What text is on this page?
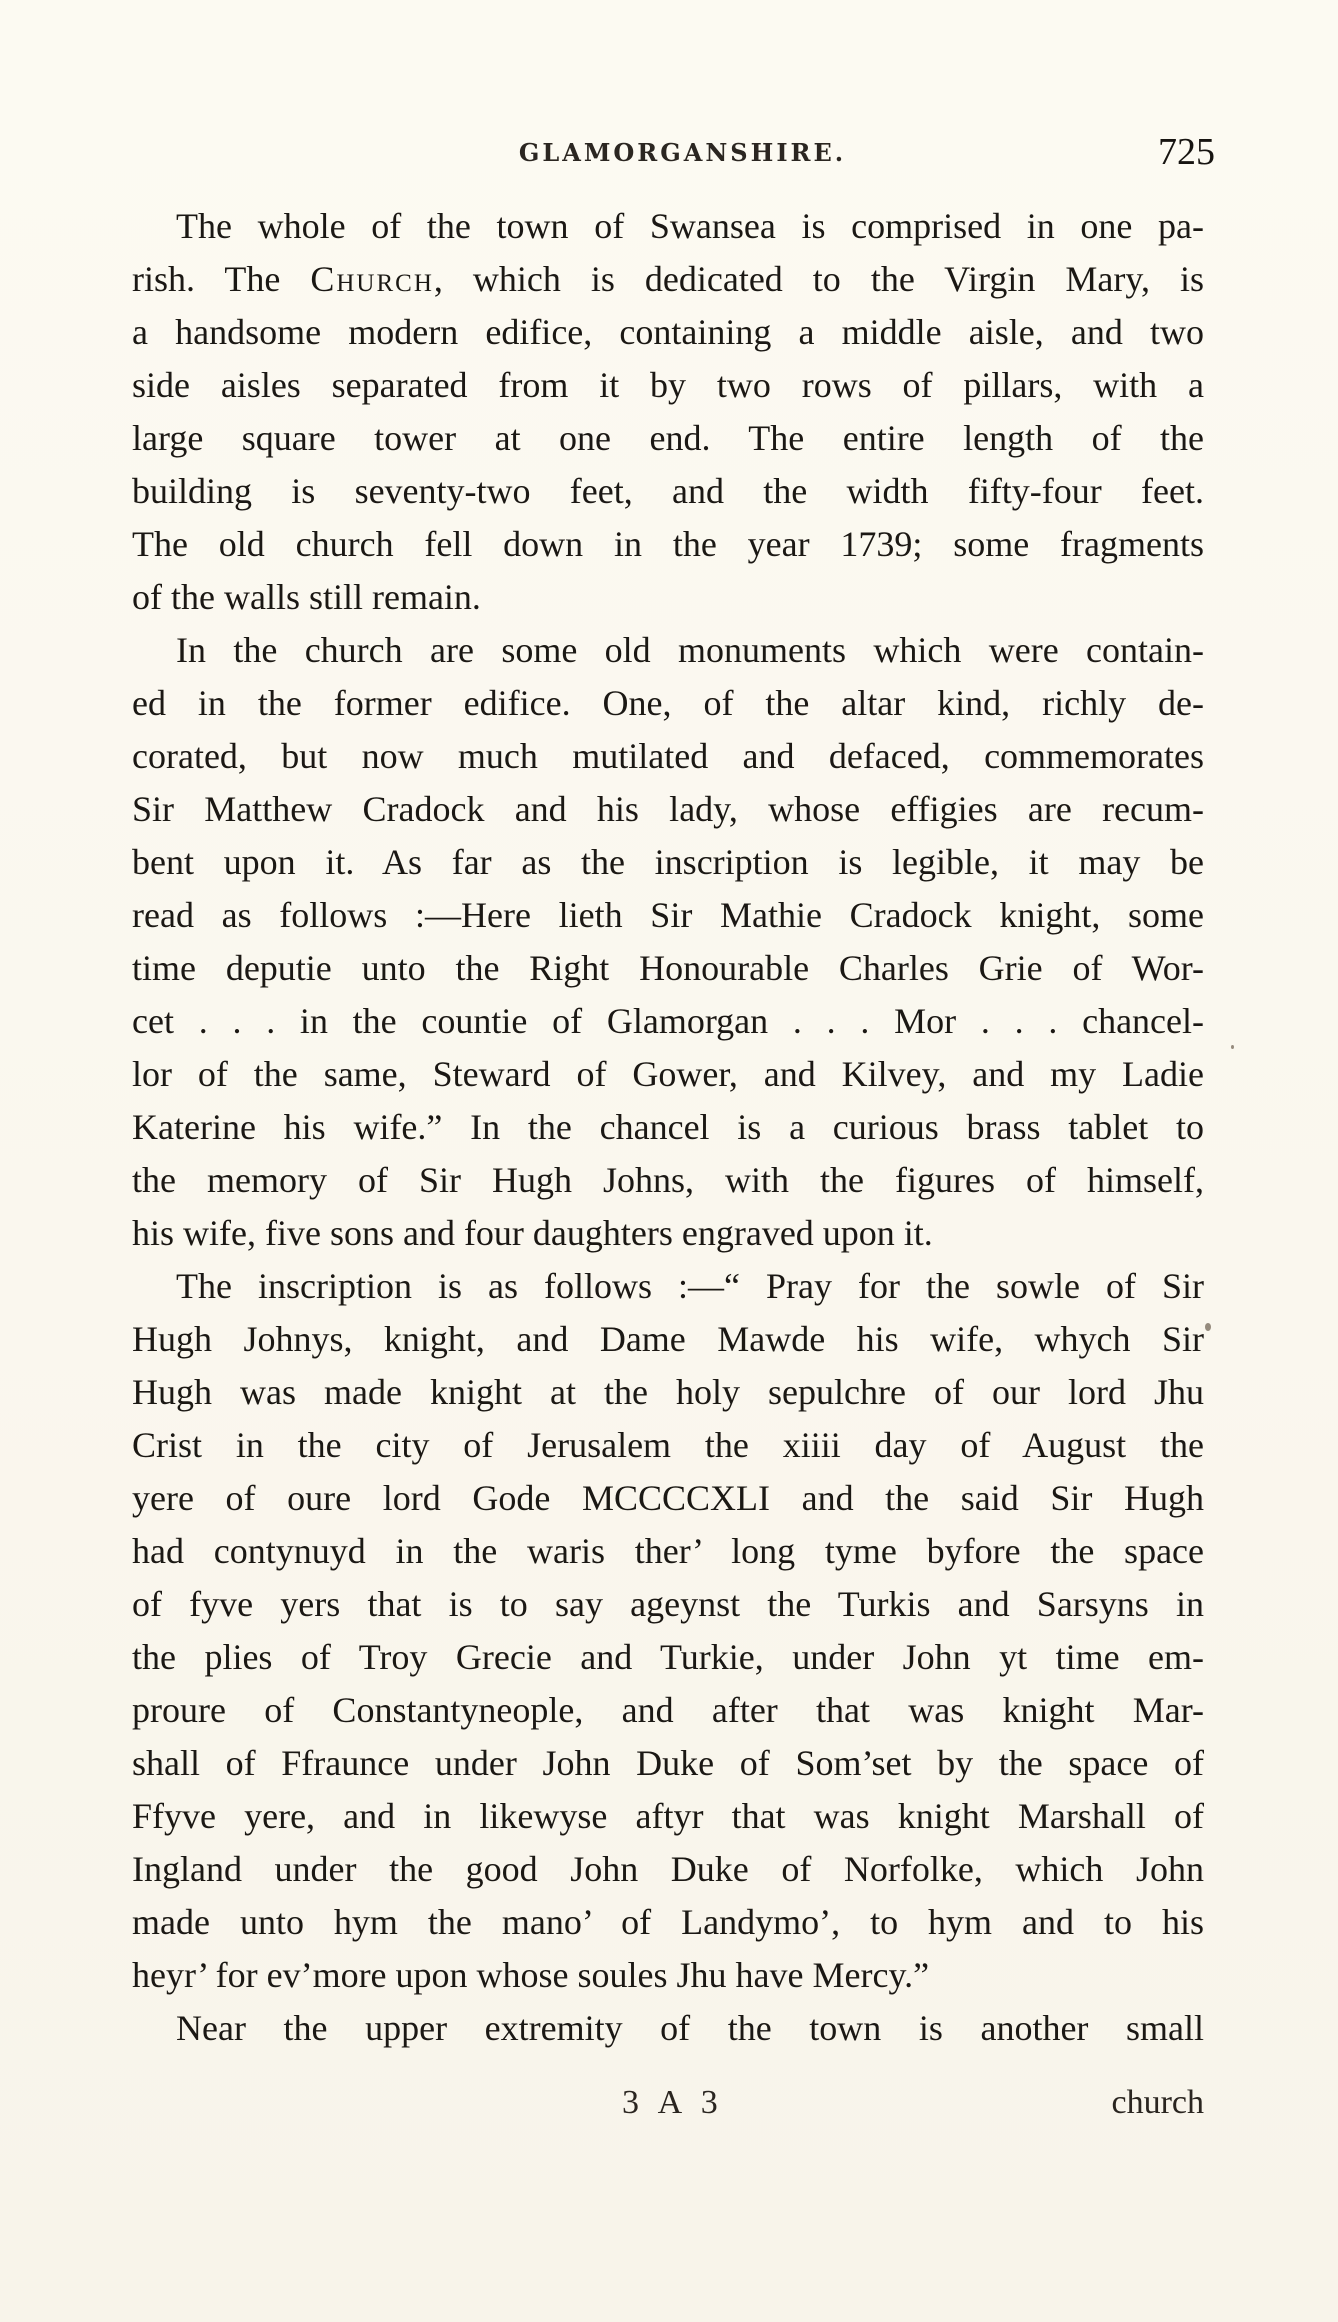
GLAMORGANSHIRE.	725
The whole of the town of Swansea is comprised in one pa-
rish. The Church, which is dedicated to the Virgin Mary, is
a handsome modern edifice, containing a middle aisle, and two
side aisles separated from it by two rows of pillars, with a
large square tower at one end. The entire length of the
building is seventy-two feet, and the width fifty-four feet.
The old church fell down in the year 1739; some fragments
of the walls still remain.
In the church are some old monuments which were contain-
ed in the former edifice. One, of the altar kind, richly de-
corated, but now much mutilated and defaced, commemorates
Sir Matthew Cradock and his lady, whose effigies are recum-
bent upon it. As far as the inscription is legible, it may be
read as follows :—Here lieth Sir Mathie Cradock knight, some
time deputie unto the Right Honourable Charles Grie of Wor-
cet . . . in the countie of Glamorgan . . . Mor . . . chancel-
lor of the same, Steward of Gower, and Kilvey, and my Ladie
Katerine his wife.” In the chancel is a curious brass tablet to
the memory of Sir Hugh Johns, with the figures of himself,
his wife, five sons and four daughters engraved upon it.
The inscription is as follows :—“ Pray for the sowle of Sir
Hugh Johnys, knight, and Dame Mawde his wife, whych Sir
Hugh was made knight at the holy sepulchre of our lord Jhu
Crist in the city of Jerusalem the xiiii day of August the
yere of oure lord Gode MCCCCXLI and the said Sir Hugh
had contynuyd in the waris ther’ long tyme byfore the space
of fyve yers that is to say ageynst the Turkis and Sarsyns in
the plies of Troy Grecie and Turkie, under John yt time em-
proure of Constantyneople, and after that was knight Mar-
shall of Ffraunce under John Duke of Som’set by the space of
Ffyve yere, and in likewyse aftyr that was knight Marshall of
Ingland under the good John Duke of Norfolke, which John
made unto hym the mano’ of Landymo’, to hym and to his
heyr’ for ev’more upon whose soules Jhu have Mercy.”
Near the upper extremity of the town is another small
3 A 3	church
